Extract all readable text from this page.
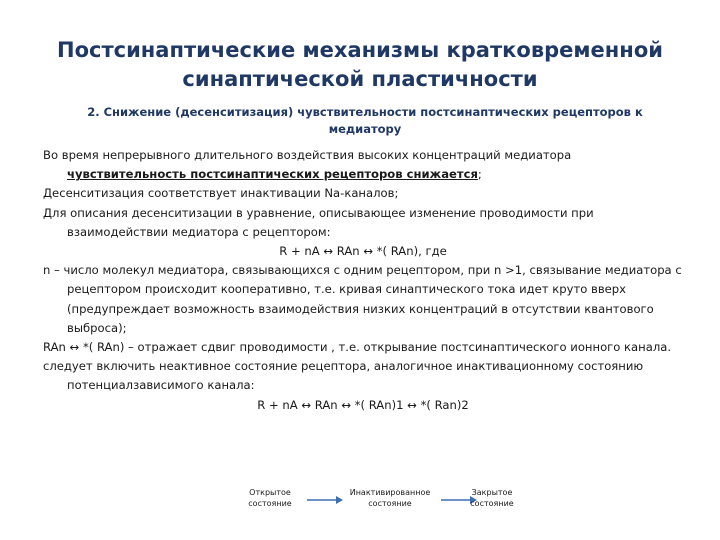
Постсинаптические механизмы кратковременной синаптической пластичности
2. Снижение (десенситизация) чувствительности постсинаптических рецепторов к медиатору

Во время непрерывного длительного воздействия высоких концентраций медиатора чувствительность постсинаптических рецепторов снижается;

Десенситизация соответствует инактивации Na-каналов;

Для описания десенситизации в уравнение, описывающее изменение проводимости при взаимодействии медиатора с рецептором:

R + nA ↔ RAn ↔ *( RAn), где

n – число молекул медиатора, связывающихся с одним рецептором, при n >1, связывание медиатора с рецептором происходит кооперативно, т.е. кривая синаптического тока идет круто вверх (предупреждает возможность взаимодействия низких концентраций в отсутствии квантового выброса);

RAn ↔ *( RAn) – отражает сдвиг проводимости , т.е. открывание постсинаптического ионного канала.

следует включить неактивное состояние рецептора, аналогичное инактивационному состоянию потенциалзависимого канала:

R + nA ↔ RAn ↔ *( RAn)1 ↔ *( Ran)2

Открытое
состояние
Инактивированное
состояние
Закрытое
состояние
